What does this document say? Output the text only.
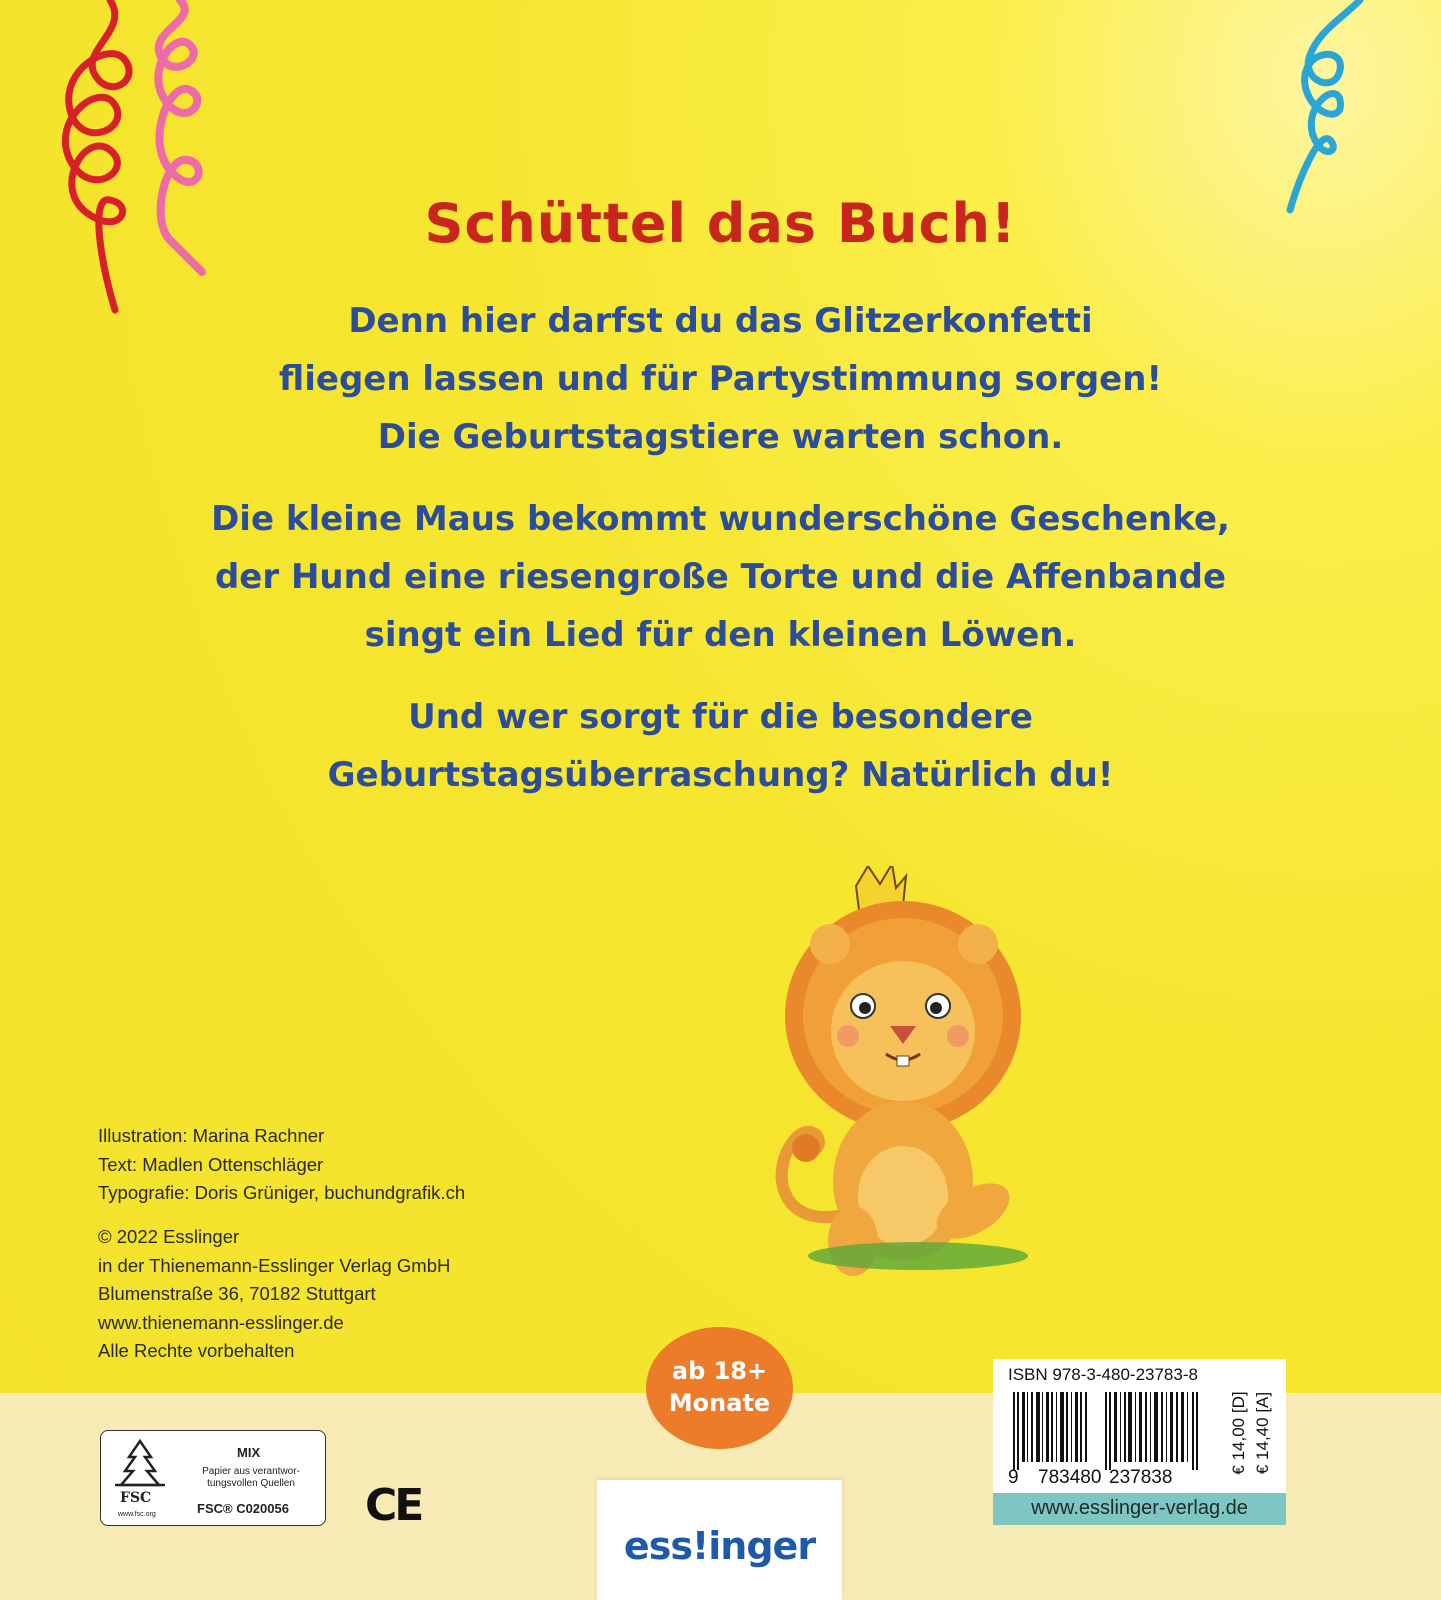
Schüttel das Buch!
Denn hier darfst du das Glitzerkonfetti
fliegen lassen und für Partystimmung sorgen!
Die Geburtstagstiere warten schon.
Die kleine Maus bekommt wunderschöne Geschenke,
der Hund eine riesengroße Torte und die Affenbande
singt ein Lied für den kleinen Löwen.
Und wer sorgt für die besondere
Geburtstagsüberraschung? Natürlich du!
Illustration: Marina Rachner
Text: Madlen Ottenschläger
Typografie: Doris Grüniger, buchundgrafik.ch
© 2022 Esslinger
in der Thienemann-Esslinger Verlag GmbH
Blumenstraße 36, 70182 Stuttgart
www.thienemann-esslinger.de
Alle Rechte vorbehalten
ab 18+
Monate
FSC
www.fsc.org
MIX
Papier aus verantwor-
tungsvollen Quellen
FSC® C020056 CE
ess!inger
ISBN 978-3-480-23783-8
9 783480 237838
€ 14,00 [D] € 14,40 [A]
www.esslinger-verlag.de
